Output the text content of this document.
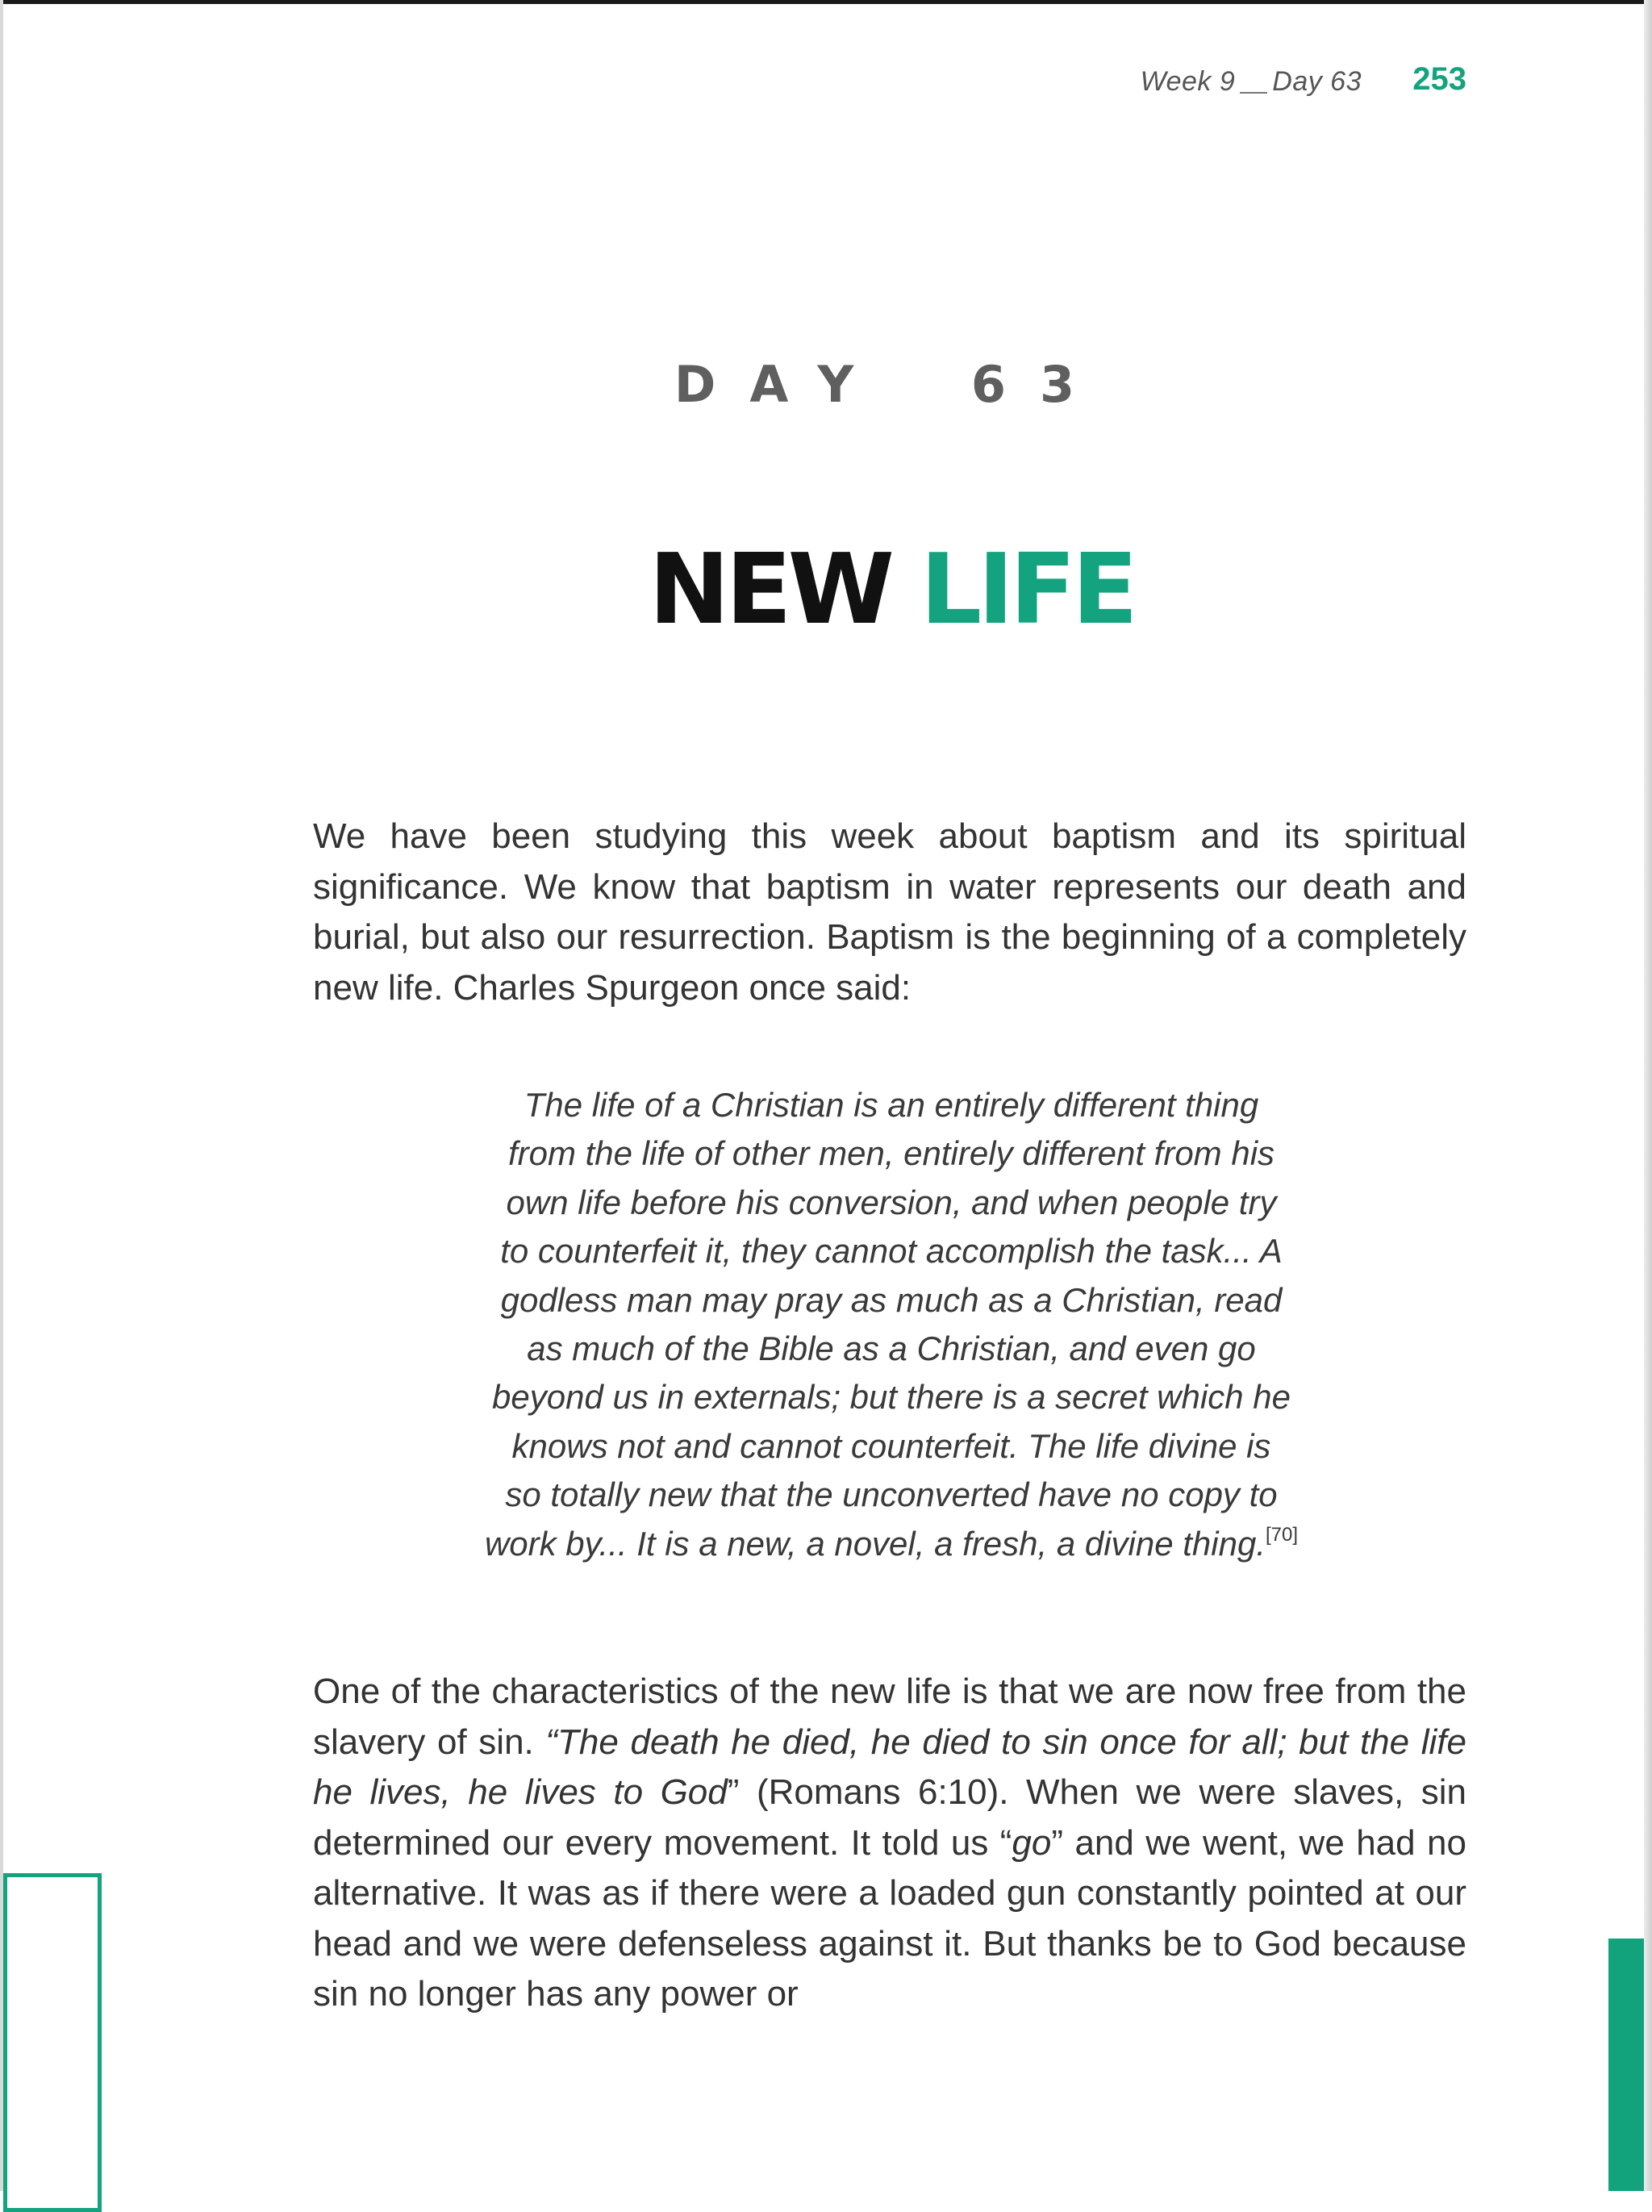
Week 9 Day 63 253
DAY 63
NEW LIFE

We have been studying this week about baptism and its spiritual significance. We know that baptism in water represents our death and burial, but also our resurrection. Baptism is the beginning of a completely new life. Charles Spurgeon once said:

The life of a Christian is an entirely different thing
from the life of other men, entirely different from his
own life before his conversion, and when people try
to counterfeit it, they cannot accomplish the task... A
godless man may pray as much as a Christian, read
as much of the Bible as a Christian, and even go
beyond us in externals; but there is a secret which he
knows not and cannot counterfeit. The life divine is
so totally new that the unconverted have no copy to
work by... It is a new, a novel, a fresh, a divine thing.[70]

One of the characteristics of the new life is that we are now free from the slavery of sin. “The death he died, he died to sin once for all; but the life he lives, he lives to God” (Romans 6:10). When we were slaves, sin determined our every movement. It told us “go” and we went, we had no alternative. It was as if there were a loaded gun constantly pointed at our head and we were defenseless against it. But thanks be to God because sin no longer has any power or
